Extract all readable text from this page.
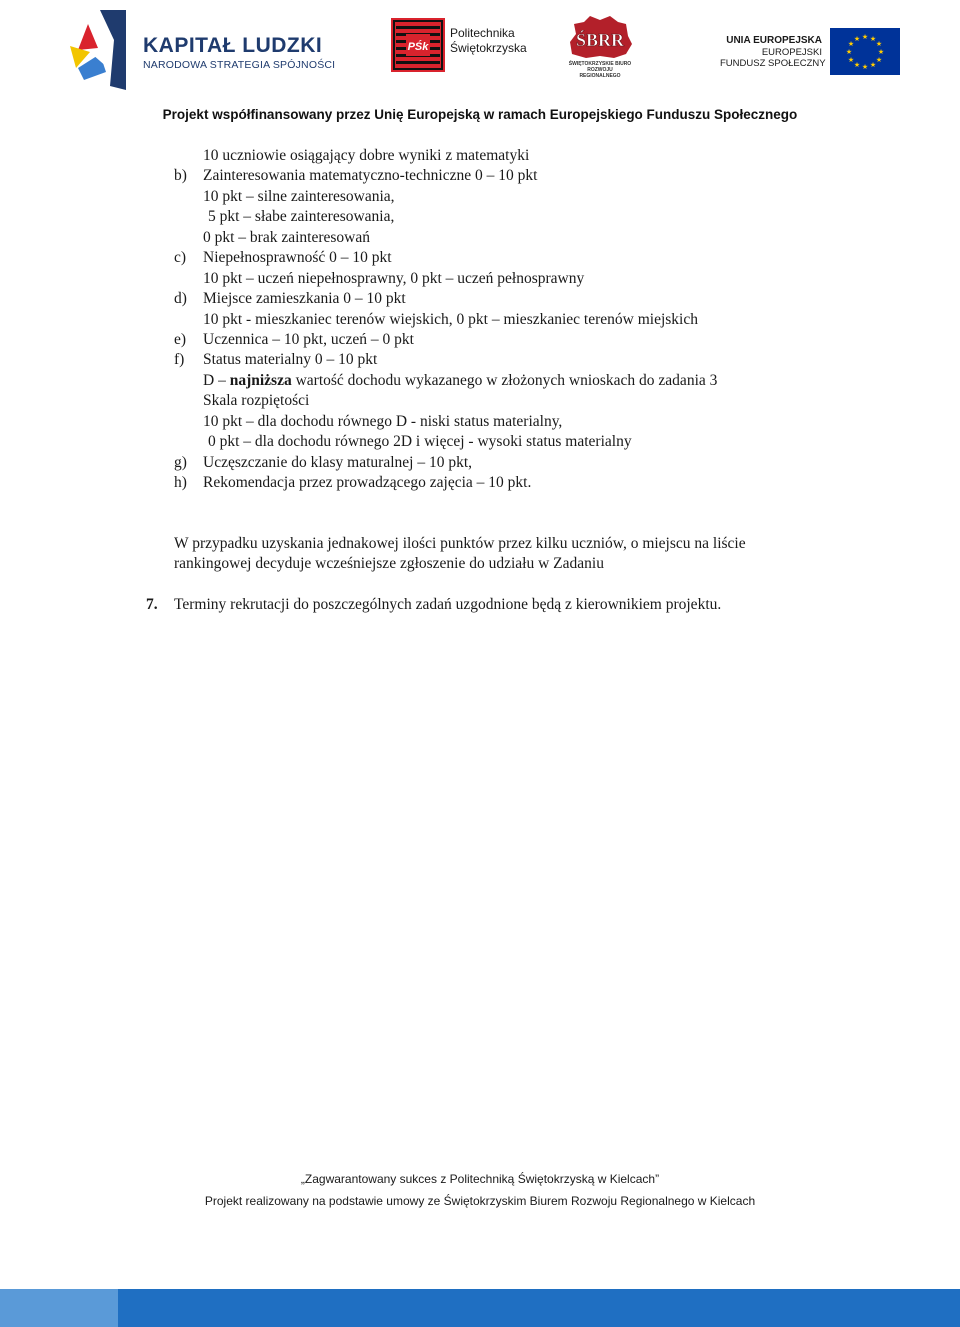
KAPITAŁ LUDZKI
NARODOWA STRATEGIA SPÓJNOŚCI
PŚk
Politechnika
Świętokrzyska	ŚBRR
ŚWIĘTOKRZYSKIE BIURO
ROZWOJU REGIONALNEGO
UNIA EUROPEJSKA
EUROPEJSKI
FUNDUSZ SPOŁECZNY
★ ★
★
★
★
★
★
★
★
★
★
★
Projekt współfinansowany przez Unię Europejską w ramach Europejskiego Funduszu Społecznego
10 uczniowie osiągający dobre wyniki z matematyki
b) Zainteresowania matematyczno-techniczne 0 – 10 pkt
10 pkt – silne zainteresowania,
5 pkt – słabe zainteresowania,
0 pkt – brak zainteresowań
c) Niepełnosprawność 0 – 10 pkt
10 pkt – uczeń niepełnosprawny, 0 pkt – uczeń pełnosprawny
d) Miejsce zamieszkania 0 – 10 pkt
10 pkt - mieszkaniec terenów wiejskich, 0 pkt – mieszkaniec terenów miejskich
e) Uczennica – 10 pkt, uczeń – 0 pkt
f) Status materialny 0 – 10 pkt
D – najniższa wartość dochodu wykazanego w złożonych wnioskach do zadania 3
Skala rozpiętości
10 pkt – dla dochodu równego D - niski status materialny,
0 pkt – dla dochodu równego 2D i więcej - wysoki status materialny
g) Uczęszczanie do klasy maturalnej – 10 pkt,
h) Rekomendacja przez prowadzącego zajęcia – 10 pkt.
W przypadku uzyskania jednakowej ilości punktów przez kilku uczniów, o miejscu na liście
rankingowej decyduje wcześniejsze zgłoszenie do udziału w Zadaniu
7. Terminy rekrutacji do poszczególnych zadań uzgodnione będą z kierownikiem projektu.
„Zagwarantowany sukces z Politechniką Świętokrzyską w Kielcach”
Projekt realizowany na podstawie umowy ze Świętokrzyskim Biurem Rozwoju Regionalnego w Kielcach
